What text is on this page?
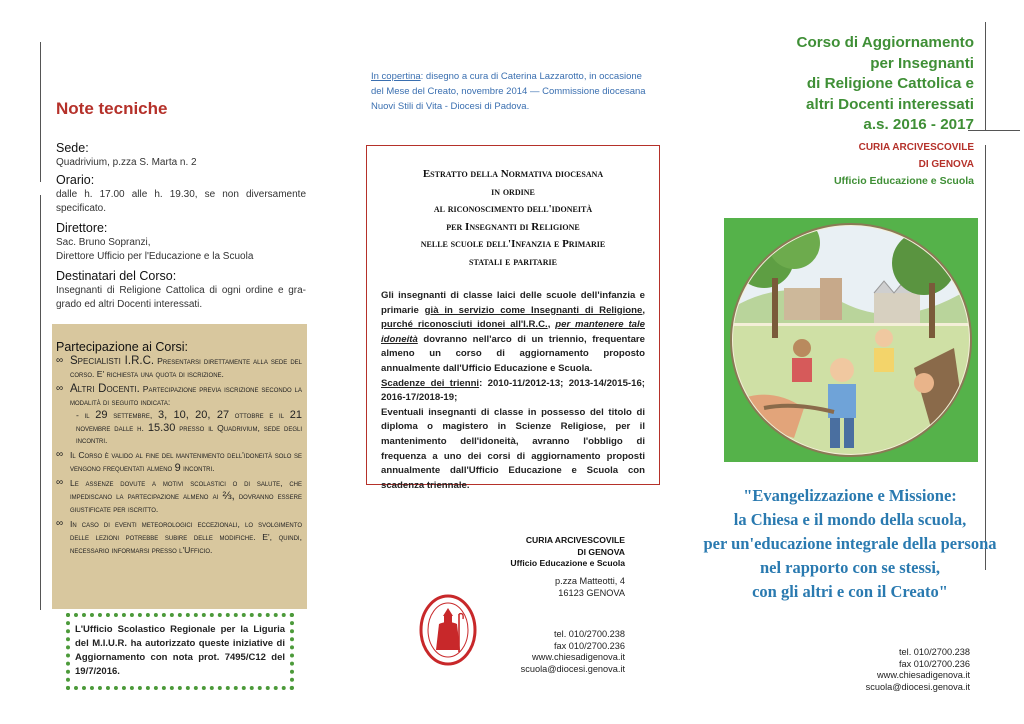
Note tecniche
Sede:
Quadrivium, p.zza S. Marta n. 2
Orario:
dalle h. 17.00 alle h. 19.30, se non diversamente specificato.
Direttore:
Sac. Bruno Sopranzi,
Direttore Ufficio per l'Educazione e la Scuola
Destinatari del Corso:
Insegnanti di Religione Cattolica di ogni ordine e gra-grado ed altri Docenti interessati.
Partecipazione ai Corsi:
∞ Specialisti I.R.C. Presentarsi direttamente alla sede del corso. E' richiesta una quota di iscrizione.
∞ Altri Docenti. Partecipazione previa iscrizione secondo la modalità di seguito indicata:
- il 29 settembre, 3, 10, 20, 27 ottobre e il 21 novembre dalle h. 15.30 presso il Quadrivium, sede degli incontri.
∞ Il Corso è valido al fine del mantenimento dell'idoneità solo se vengono frequentati almeno 9 incontri.
∞ Le assenze dovute a motivi scolastici o di salute, che impediscano la partecipazione almeno ai ⅔, dovranno essere giustificate per iscritto.
∞ In caso di eventi meteorologici eccezionali, lo svolgimento delle lezioni potrebbe subire delle modifiche. E', quindi, necessario informarsi presso l'Ufficio.

L'Ufficio Scolastico Regionale per la Liguria del M.I.U.R. ha autorizzato queste iniziative di Aggiornamento con nota prot. 7495/C12 del 19/7/2016.

In copertina: disegno a cura di Caterina Lazzarotto, in occasione del Mese del Creato, novembre 2014 — Commissione diocesana Nuovi Stili di Vita - Diocesi di Padova.
Estratto della Normativa diocesana
in ordine
al riconoscimento dell'idoneità
per Insegnanti di Religione
nelle scuole dell'Infanzia e Primarie
statali e paritarie
Gli insegnanti di classe laici delle scuole dell'infanzia e primarie già in servizio come Insegnanti di Religione, purché riconosciuti idonei all'I.R.C., per mantenere tale idoneità dovranno nell'arco di un triennio, frequentare almeno un corso di aggiornamento proposto annualmente dall'Ufficio Educazione e Scuola.
Scadenze dei trienni: 2010-11/2012-13; 2013-14/2015-16; 2016-17/2018-19;
Eventuali insegnanti di classe in possesso del titolo di diploma o magistero in Scienze Religiose, per il mantenimento dell'idoneità, avranno l'obbligo di frequenza a uno dei corsi di aggiornamento proposti annualmente dall'Ufficio Educazione e Scuola con scadenza triennale.
CURIA ARCIVESCOVILE
DI GENOVA
Ufficio Educazione e Scuola
p.zza Matteotti, 4
16123 GENOVA
tel. 010/2700.238
fax 010/2700.236
www.chiesadigenova.it
scuola@diocesi.genova.it
Corso di Aggiornamento
per Insegnanti
di Religione Cattolica e
altri Docenti interessati
a.s. 2016 - 2017
CURIA ARCIVESCOVILE
DI GENOVA
Ufficio Educazione e Scuola
"Evangelizzazione e Missione:
la Chiesa e il mondo della scuola,
per un'educazione integrale della persona
nel rapporto con se stessi,
con gli altri e con il Creato"
tel. 010/2700.238
fax 010/2700.236
www.chiesadigenova.it
scuola@diocesi.genova.it
